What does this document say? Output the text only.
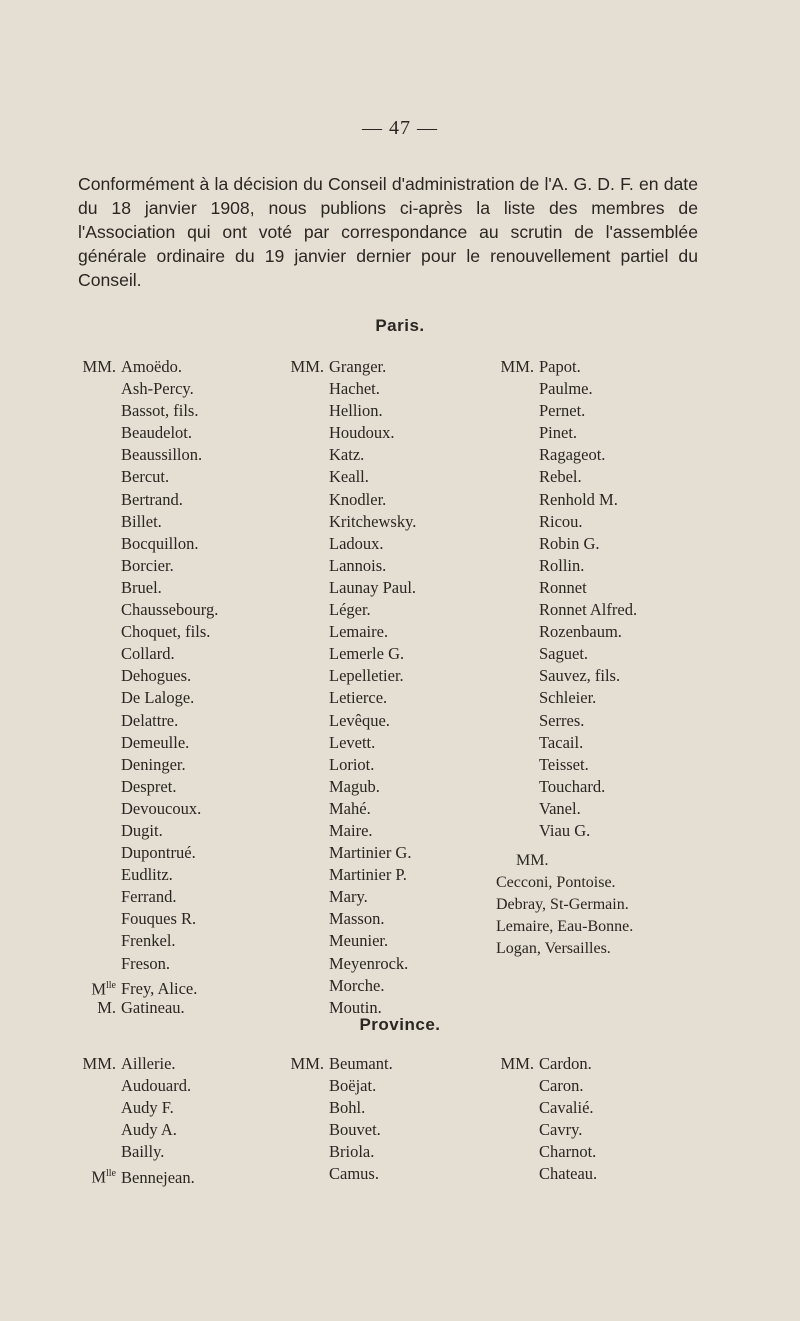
— 47 —
Conformément à la décision du Conseil d'administration de l'A. G. D. F. en date du 18 janvier 1908, nous publions ci-après la liste des membres de l'Association qui ont voté par correspondance au scrutin de l'assemblée générale ordinaire du 19 janvier dernier pour le renouvellement partiel du Conseil.
Paris.
MM. Amoëdo.
Ash-Percy.
Bassot, fils.
Beaudelot.
Beaussillon.
Bercut.
Bertrand.
Billet.
Bocquillon.
Borcier.
Bruel.
Chaussebourg.
Choquet, fils.
Collard.
Dehogues.
De Laloge.
Delattre.
Demeulle.
Deninger.
Despret.
Devoucoux.
Dugit.
Dupontrué.
Eudlitz.
Ferrand.
Fouques R.
Frenkel.
Freson.
$M^{lle}$ Frey, Alice.
M. Gatineau.
MM. Granger.
Hachet.
Hellion.
Houdoux.
Katz.
Keall.
Knodler.
Kritchewsky.
Ladoux.
Lannois.
Launay Paul.
Léger.
Lemaire.
Lemerle G.
Lepelletier.
Letierce.
Levêque.
Levett.
Loriot.
Magub.
Mahé.
Maire.
Martinier G.
Martinier P.
Mary.
Masson.
Meunier.
Meyenrock.
Morche.
Moutin.
MM. Papot.
Paulme.
Pernet.
Pinet.
Ragageot.
Rebel.
Renhold M.
Ricou.
Robin G.
Rollin.
Ronnet
Ronnet Alfred.
Rozenbaum.
Saguet.
Sauvez, fils.
Schleier.
Serres.
Tacail.
Teisset.
Touchard.
Vanel.
Viau G.
MM.
Cecconi, Pontoise.
Debray, St-Germain.
Lemaire, Eau-Bonne.
Logan, Versailles.
Province.
MM. Aillerie.
Audouard.
Audy F.
Audy A.
Bailly.
$M^{lle}$ Bennejean.
MM. Beumant.
Boëjat.
Bohl.
Bouvet.
Briola.
Camus.
MM. Cardon.
Caron.
Cavalié.
Cavry.
Charnot.
Chateau.
